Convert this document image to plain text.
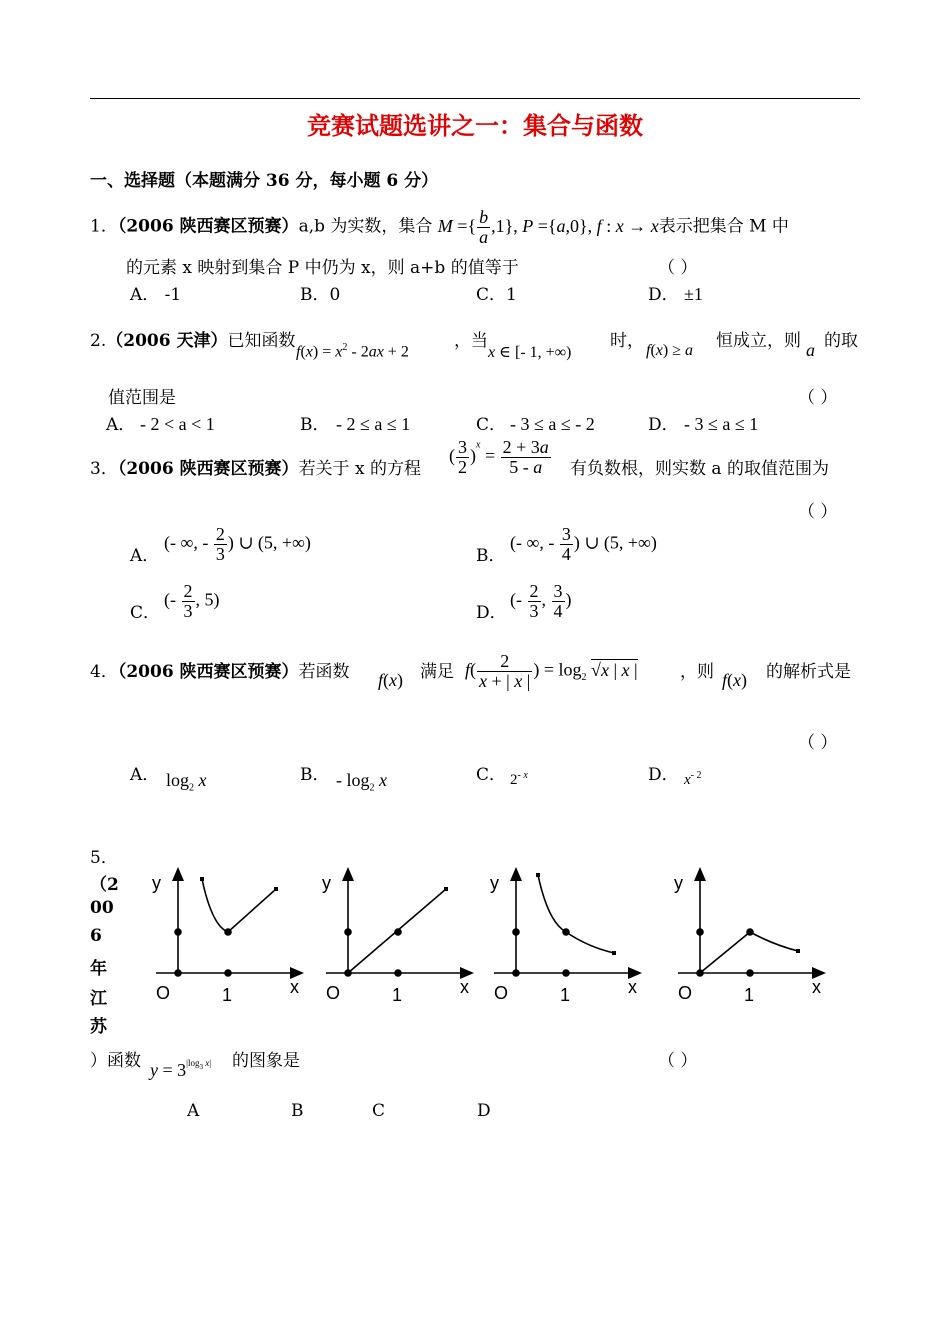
竞赛试题选讲之一：集合与函数
一、选择题（本题满分 36 分，每小题 6 分）
1．（2006 陕西赛区预赛）a,b 为实数，集合 M ={ $\frac{b}{a} ,1$}, P ={a,0}, f : x → x表示把集合 M 中
的元素 x 映射到集合 P 中仍为 x，则 a+b 的值等于	（ ）
A． -1	B．0	C．1	D． ±1
2.（2006 天津）已知函数
$f(x) = x^2 - 2ax + 2$
，当
x ∈ [- 1, +∞)
时， f(x) ≥ a 恒成立，则 a 的取
值范围是	（ ）
A． - 2 < a < 1	B． - 2 ≤ a ≤ 1	C． - 3 ≤ a ≤ - 2	D． - 3 ≤ a ≤ 1
3．（2006 陕西赛区预赛）若关于 x 的方程
( $\frac{3}{2} )^x = \frac{2 + 3a}{5 - a}$ 有负数根，则实数 a 的取值范围为
（ ）
A．
(- ∞, - $\frac{2}{3}$ ) ∪ (5, +∞)
B．
(- ∞, - $\frac{3}{4}$ ) ∪ (5, +∞)
C．
(- $\frac{2}{3}$ , 5)
D．
(- $\frac{2}{3}$ , $\frac{3}{4}$ )
4．（2006 陕西赛区预赛）若函数 f(x) 满足 $f( \frac{2}{x + | x |}$ ) = $\log_2 √x$ | x | ，则 f(x) 的解析式是
（ ）
A． $\log_2 x$	B． - $\log_2 x$	C． $2^{- x}$	D． $x^{- 2}$
5．
（2
00
6
年
江
苏
）函数 $y = 3^{|log_3 x|}$ 的图象是	（ ）
y
x
O	1
y
x
O	1
y
x
O	1
y
x
O	1
A	B	C	D
